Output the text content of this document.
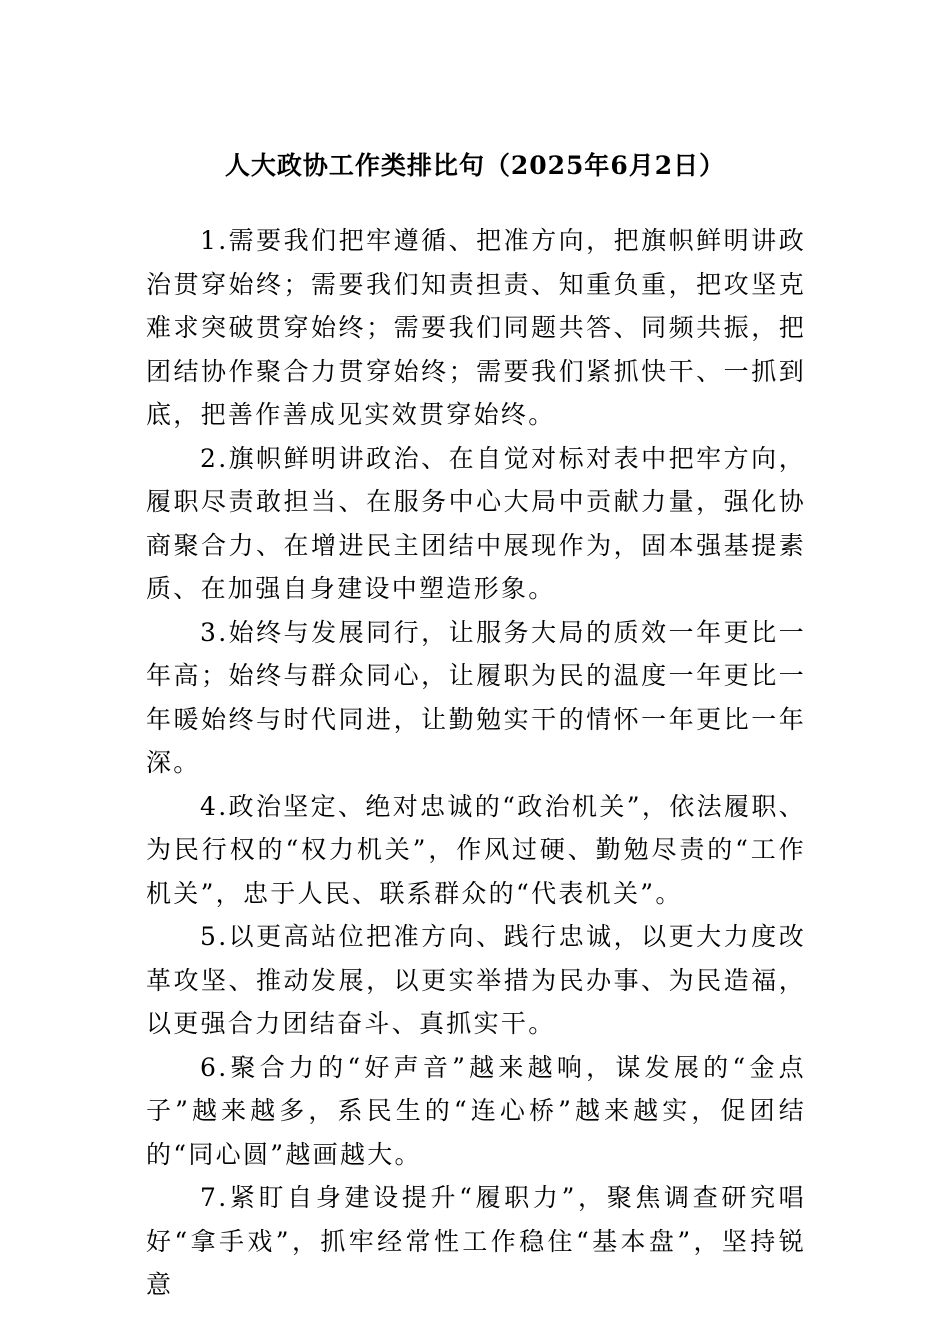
人大政协工作类排比句（2025年6月2日）

1.需要我们把牢遵循、把准方向，把旗帜鲜明讲政治贯穿始终；需要我们知责担责、知重负重，把攻坚克难求突破贯穿始终；需要我们同题共答、同频共振，把团结协作聚合力贯穿始终；需要我们紧抓快干、一抓到底，把善作善成见实效贯穿始终。

2.旗帜鲜明讲政治、在自觉对标对表中把牢方向，履职尽责敢担当、在服务中心大局中贡献力量，强化协商聚合力、在增进民主团结中展现作为，固本强基提素质、在加强自身建设中塑造形象。

3.始终与发展同行，让服务大局的质效一年更比一年高；始终与群众同心，让履职为民的温度一年更比一年暖始终与时代同进，让勤勉实干的情怀一年更比一年深。

4.政治坚定、绝对忠诚的“政治机关”，依法履职、为民行权的“权力机关”，作风过硬、勤勉尽责的“工作机关”，忠于人民、联系群众的“代表机关”。

5.以更高站位把准方向、践行忠诚，以更大力度改革攻坚、推动发展，以更实举措为民办事、为民造福，以更强合力团结奋斗、真抓实干。

6.聚合力的“好声音”越来越响，谋发展的“金点子”越来越多，系民生的“连心桥”越来越实，促团结的“同心圆”越画越大。

7.紧盯自身建设提升“履职力”，聚焦调查研究唱好“拿手戏”，抓牢经常性工作稳住“基本盘”，坚持锐意
